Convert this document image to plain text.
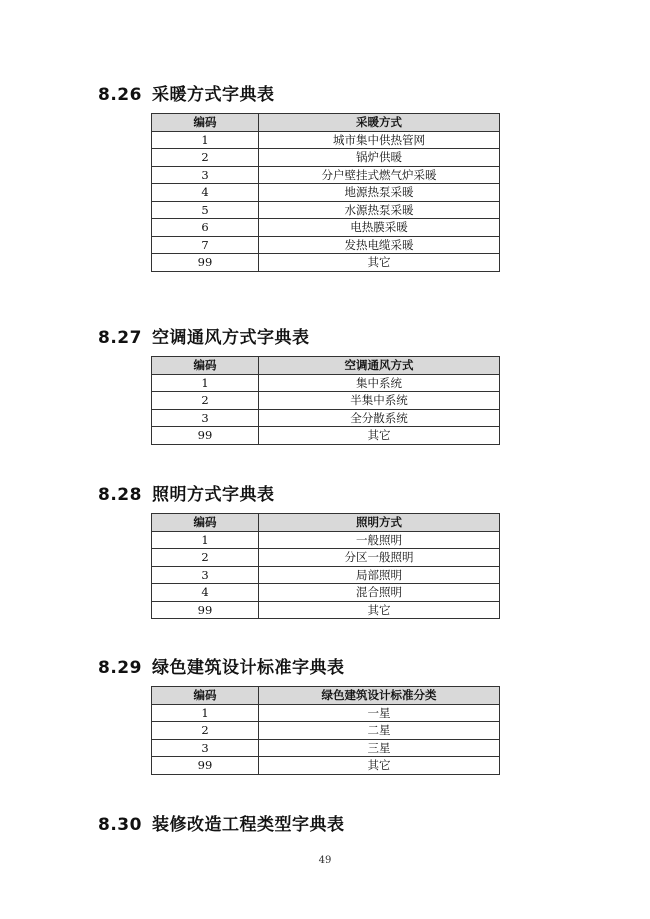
8.26 采暖方式字典表
编码	采暖方式
1	城市集中供热管网
2	锅炉供暖
3	分户壁挂式燃气炉采暖
4	地源热泵采暖
5	水源热泵采暖
6	电热膜采暖
7	发热电缆采暖
99	其它
8.27 空调通风方式字典表
编码	空调通风方式
1	集中系统
2	半集中系统
3	全分散系统
99	其它
8.28 照明方式字典表
编码	照明方式
1	一般照明
2	分区一般照明
3	局部照明
4	混合照明
99	其它
8.29 绿色建筑设计标准字典表
编码	绿色建筑设计标准分类
1	一星
2	二星
3	三星
99	其它
8.30 装修改造工程类型字典表
49
